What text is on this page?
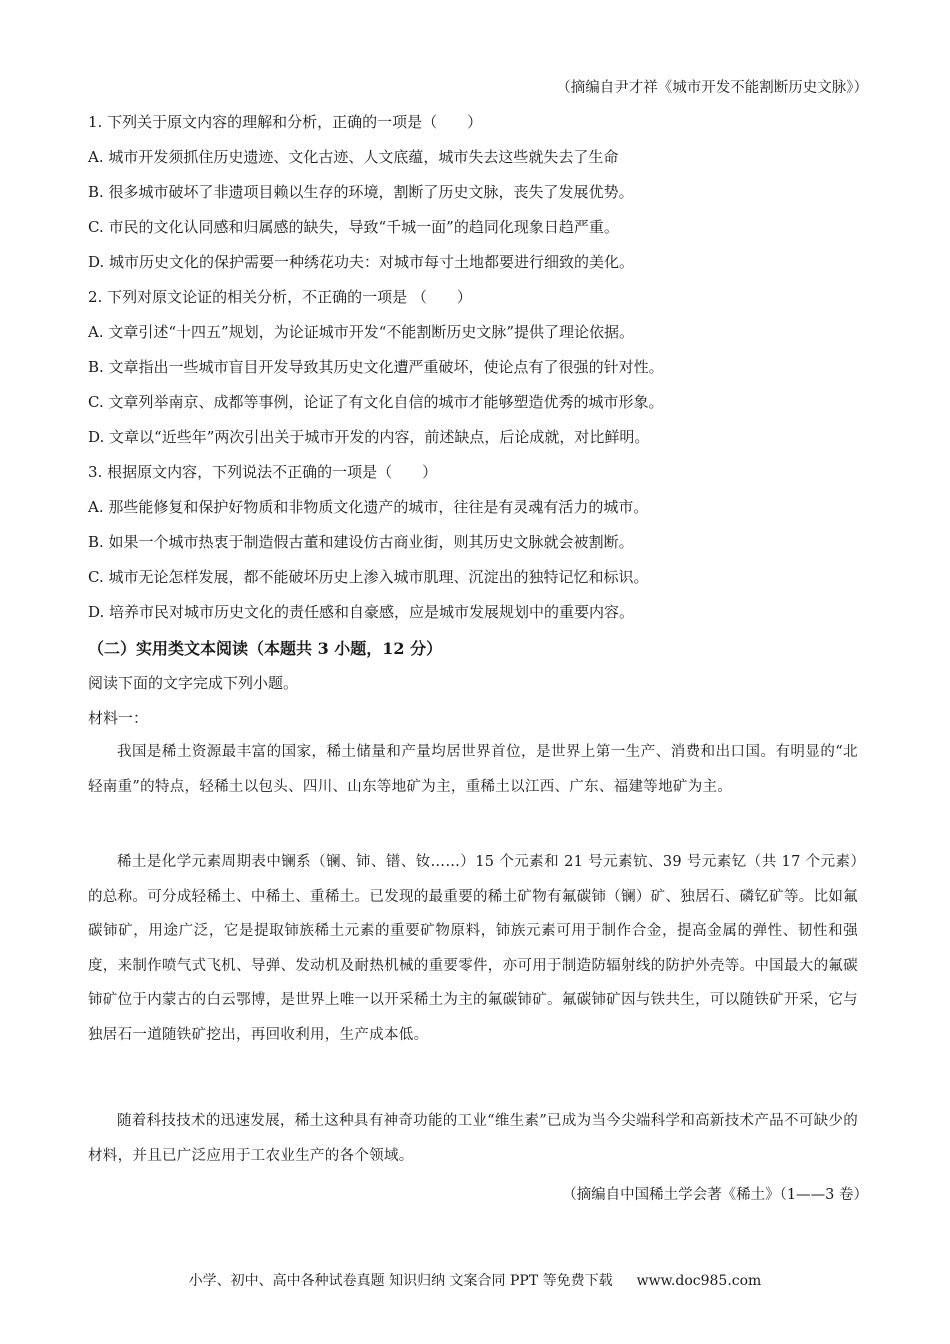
（摘编自尹才祥《城市开发不能割断历史文脉》）
1. 下列关于原文内容的理解和分析，正确的一项是（　　）
A. 城市开发须抓住历史遗迹、文化古迹、人文底蕴，城市失去这些就失去了生命
B. 很多城市破坏了非遗项目赖以生存的环境，割断了历史文脉，丧失了发展优势。
C. 市民的文化认同感和归属感的缺失，导致“千城一面”的趋同化现象日趋严重。
D. 城市历史文化的保护需要一种绣花功夫：对城市每寸土地都要进行细致的美化。
2. 下列对原文论证的相关分析，不正确的一项是 （　　）
A. 文章引述“十四五”规划，为论证城市开发“不能割断历史文脉”提供了理论依据。
B. 文章指出一些城市盲目开发导致其历史文化遭严重破坏，使论点有了很强的针对性。
C. 文章列举南京、成都等事例，论证了有文化自信的城市才能够塑造优秀的城市形象。
D. 文章以“近些年”两次引出关于城市开发的内容，前述缺点，后论成就，对比鲜明。
3. 根据原文内容，下列说法不正确的一项是（　　）
A. 那些能修复和保护好物质和非物质文化遗产的城市，往往是有灵魂有活力的城市。
B. 如果一个城市热衷于制造假古董和建设仿古商业街，则其历史文脉就会被割断。
C. 城市无论怎样发展，都不能破坏历史上渗入城市肌理、沉淀出的独特记忆和标识。
D. 培养市民对城市历史文化的责任感和自豪感，应是城市发展规划中的重要内容。
（二）实用类文本阅读（本题共 3 小题，12 分）
阅读下面的文字完成下列小题。
材料一：
我国是稀土资源最丰富的国家，稀土储量和产量均居世界首位，是世界上第一生产、消费和出口国。有明显的“北轻南重”的特点，轻稀土以包头、四川、山东等地矿为主，重稀土以江西、广东、福建等地矿为主。
稀土是化学元素周期表中镧系（镧、铈、镨、钕……）15 个元素和 21 号元素钪、39 号元素钇（共 17 个元素）的总称。可分成轻稀土、中稀土、重稀土。已发现的最重要的稀土矿物有氟碳铈（镧）矿、独居石、磷钇矿等。比如氟碳铈矿，用途广泛，它是提取铈族稀土元素的重要矿物原料，铈族元素可用于制作合金，提高金属的弹性、韧性和强度，来制作喷气式飞机、导弹、发动机及耐热机械的重要零件，亦可用于制造防辐射线的防护外壳等。中国最大的氟碳铈矿位于内蒙古的白云鄂博，是世界上唯一以开采稀土为主的氟碳铈矿。氟碳铈矿因与铁共生，可以随铁矿开采，它与独居石一道随铁矿挖出，再回收利用，生产成本低。
随着科技技术的迅速发展，稀土这种具有神奇功能的工业“维生素”已成为当今尖端科学和高新技术产品不可缺少的材料，并且已广泛应用于工农业生产的各个领域。
（摘编自中国稀土学会著《稀土》（1——3 卷）
小学、初中、高中各种试卷真题 知识归纳 文案合同 PPT 等免费下载 www.doc985.com
